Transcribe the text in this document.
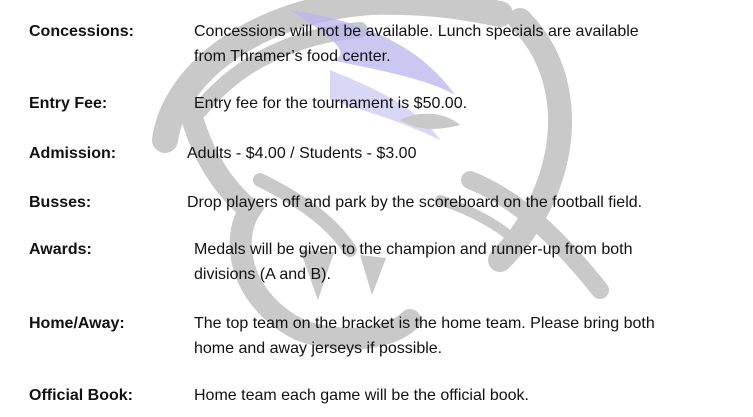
Concessions:	Concessions will not be available. Lunch specials are available
from Thramer’s food center.
Entry Fee:	Entry fee for the tournament is $50.00.
Admission:	Adults - $4.00 / Students - $3.00
Busses:	Drop players off and park by the scoreboard on the football field.
Awards:	Medals will be given to the champion and runner-up from both
divisions (A and B).
Home/Away:	The top team on the bracket is the home team. Please bring both
home and away jerseys if possible.
Official Book:	Home team each game will be the official book.
